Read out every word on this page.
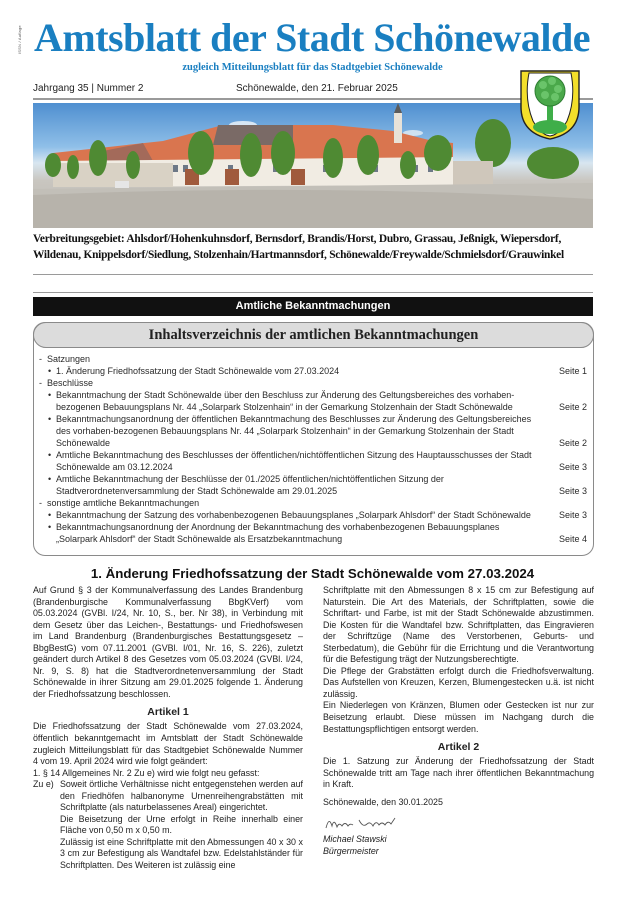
ISSN / Auflage Amtsblatt der Stadt Schönewalde
zugleich Mitteilungsblatt für das Stadtgebiet Schönewalde
Jahrgang 35 | Nummer 2	Schönewalde, den 21. Februar 2025
Verbreitungsgebiet: Ahlsdorf/Hohenkuhnsdorf, Bernsdorf, Brandis/Horst, Dubro, Grassau, Jeßnigk, Wiepersdorf, Wildenau, Knippelsdorf/Siedlung, Stolzenhain/Hartmannsdorf, Schönewalde/Freywalde/Schmielsdorf/Grauwinkel
Amtliche Bekanntmachungen
Inhaltsverzeichnis der amtlichen Bekanntmachungen
- Satzungen
• 1. Änderung Friedhofssatzung der Stadt Schönewalde vom 27.03.2024	Seite 1
- Beschlüsse
• Bekanntmachung der Stadt Schönewalde über den Beschluss zur Änderung des Geltungsbereiches des vorhaben-bezogenen Bebauungsplans Nr. 44 „Solarpark Stolzenhain“ in der Gemarkung Stolzenhain der Stadt Schönewalde	Seite 2
• Bekanntmachungsanordnung der öffentlichen Bekanntmachung des Beschlusses zur Änderung des Geltungsbereiches des vorhaben-bezogenen Bebauungsplans Nr. 44 „Solarpark Stolzenhain“ in der Gemarkung Stolzenhain der Stadt Schönewalde	Seite 2
• Amtliche Bekanntmachung des Beschlusses der öffentlichen/nichtöffentlichen Sitzung des Hauptausschusses der Stadt Schönewalde am 03.12.2024	Seite 3
• Amtliche Bekanntmachung der Beschlüsse der 01./2025 öffentlichen/nichtöffentlichen Sitzung der Stadtverordnetenversammlung der Stadt Schönewalde am 29.01.2025	Seite 3
- sonstige amtliche Bekanntmachungen
• Bekanntmachung der Satzung des vorhabenbezogenen Bebauungsplanes „Solarpark Ahlsdorf“ der Stadt Schönewalde	Seite 3
• Bekanntmachungsanordnung der Anordnung der Bekanntmachung des vorhabenbezogenen Bebauungsplanes „Solarpark Ahlsdorf“ der Stadt Schönewalde als Ersatzbekanntmachung	Seite 4
1. Änderung Friedhofssatzung der Stadt Schönewalde vom 27.03.2024

Auf Grund § 3 der Kommunalverfassung des Landes Brandenburg (Brandenburgische Kommunalverfassung BbgKVerf) vom 05.03.2024 (GVBl. I/24, Nr. 10, S., ber. Nr 38), in Verbindung mit dem Gesetz über das Leichen-, Bestattungs- und Friedhofswesen im Land Brandenburg (Brandenburgisches Bestattungsgesetz – BbgBestG) vom 07.11.2001 (GVBl. I/01, Nr. 16, S. 226), zuletzt geändert durch Artikel 8 des Gesetzes vom 05.03.2024 (GVBl. I/24, Nr. 9, S. 8) hat die Stadtverordnetenversammlung der Stadt Schönewalde in ihrer Sitzung am 29.01.2025 folgende 1. Änderung der Friedhofssatzung beschlossen.

Artikel 1

Die Friedhofssatzung der Stadt Schönewalde vom 27.03.2024, öffentlich bekanntgemacht im Amtsblatt der Stadt Schönewalde zugleich Mitteilungsblatt für das Stadtgebiet Schönewalde Nummer 4 vom 19. April 2024 wird wie folgt geändert:

1. § 14 Allgemeines Nr. 2 Zu e) wird wie folgt neu gefasst:

Zu e) Soweit örtliche Verhältnisse nicht entgegenstehen werden auf den Friedhöfen halbanonyme Urnenreihengrabstätten mit Schriftplatte (als naturbelassenes Areal) eingerichtet.

Die Beisetzung der Urne erfolgt in Reihe innerhalb einer Fläche von 0,50 m x 0,50 m.

Zulässig ist eine Schriftplatte mit den Abmessungen 40 x 30 x 3 cm zur Befestigung als Wandtafel bzw. Edelstahlständer für Schriftplatten. Des Weiteren ist zulässig eine

Schriftplatte mit den Abmessungen 8 x 15 cm zur Befestigung auf Naturstein. Die Art des Materials, der Schriftplatten, sowie die Schriftart- und Farbe, ist mit der Stadt Schönewalde abzustimmen. Die Kosten für die Wandtafel bzw. Schriftplatten, das Eingravieren der Schriftzüge (Name des Verstorbenen, Geburts- und Sterbedatum), die Gebühr für die Errichtung und die Verantwortung für die Befestigung trägt der Nutzungsberechtigte.

Die Pflege der Grabstätten erfolgt durch die Friedhofsverwaltung. Das Aufstellen von Kreuzen, Kerzen, Blumengestecken u.ä. ist nicht zulässig.

Ein Niederlegen von Kränzen, Blumen oder Gestecken ist nur zur Beisetzung erlaubt. Diese müssen im Nachgang durch die Bestattungspflichtigen entsorgt werden.

Artikel 2

Die 1. Satzung zur Änderung der Friedhofssatzung der Stadt Schönewalde tritt am Tage nach ihrer öffentlichen Bekanntmachung in Kraft.

Schönewalde, den 30.01.2025

Michael Stawski

Bürgermeister
